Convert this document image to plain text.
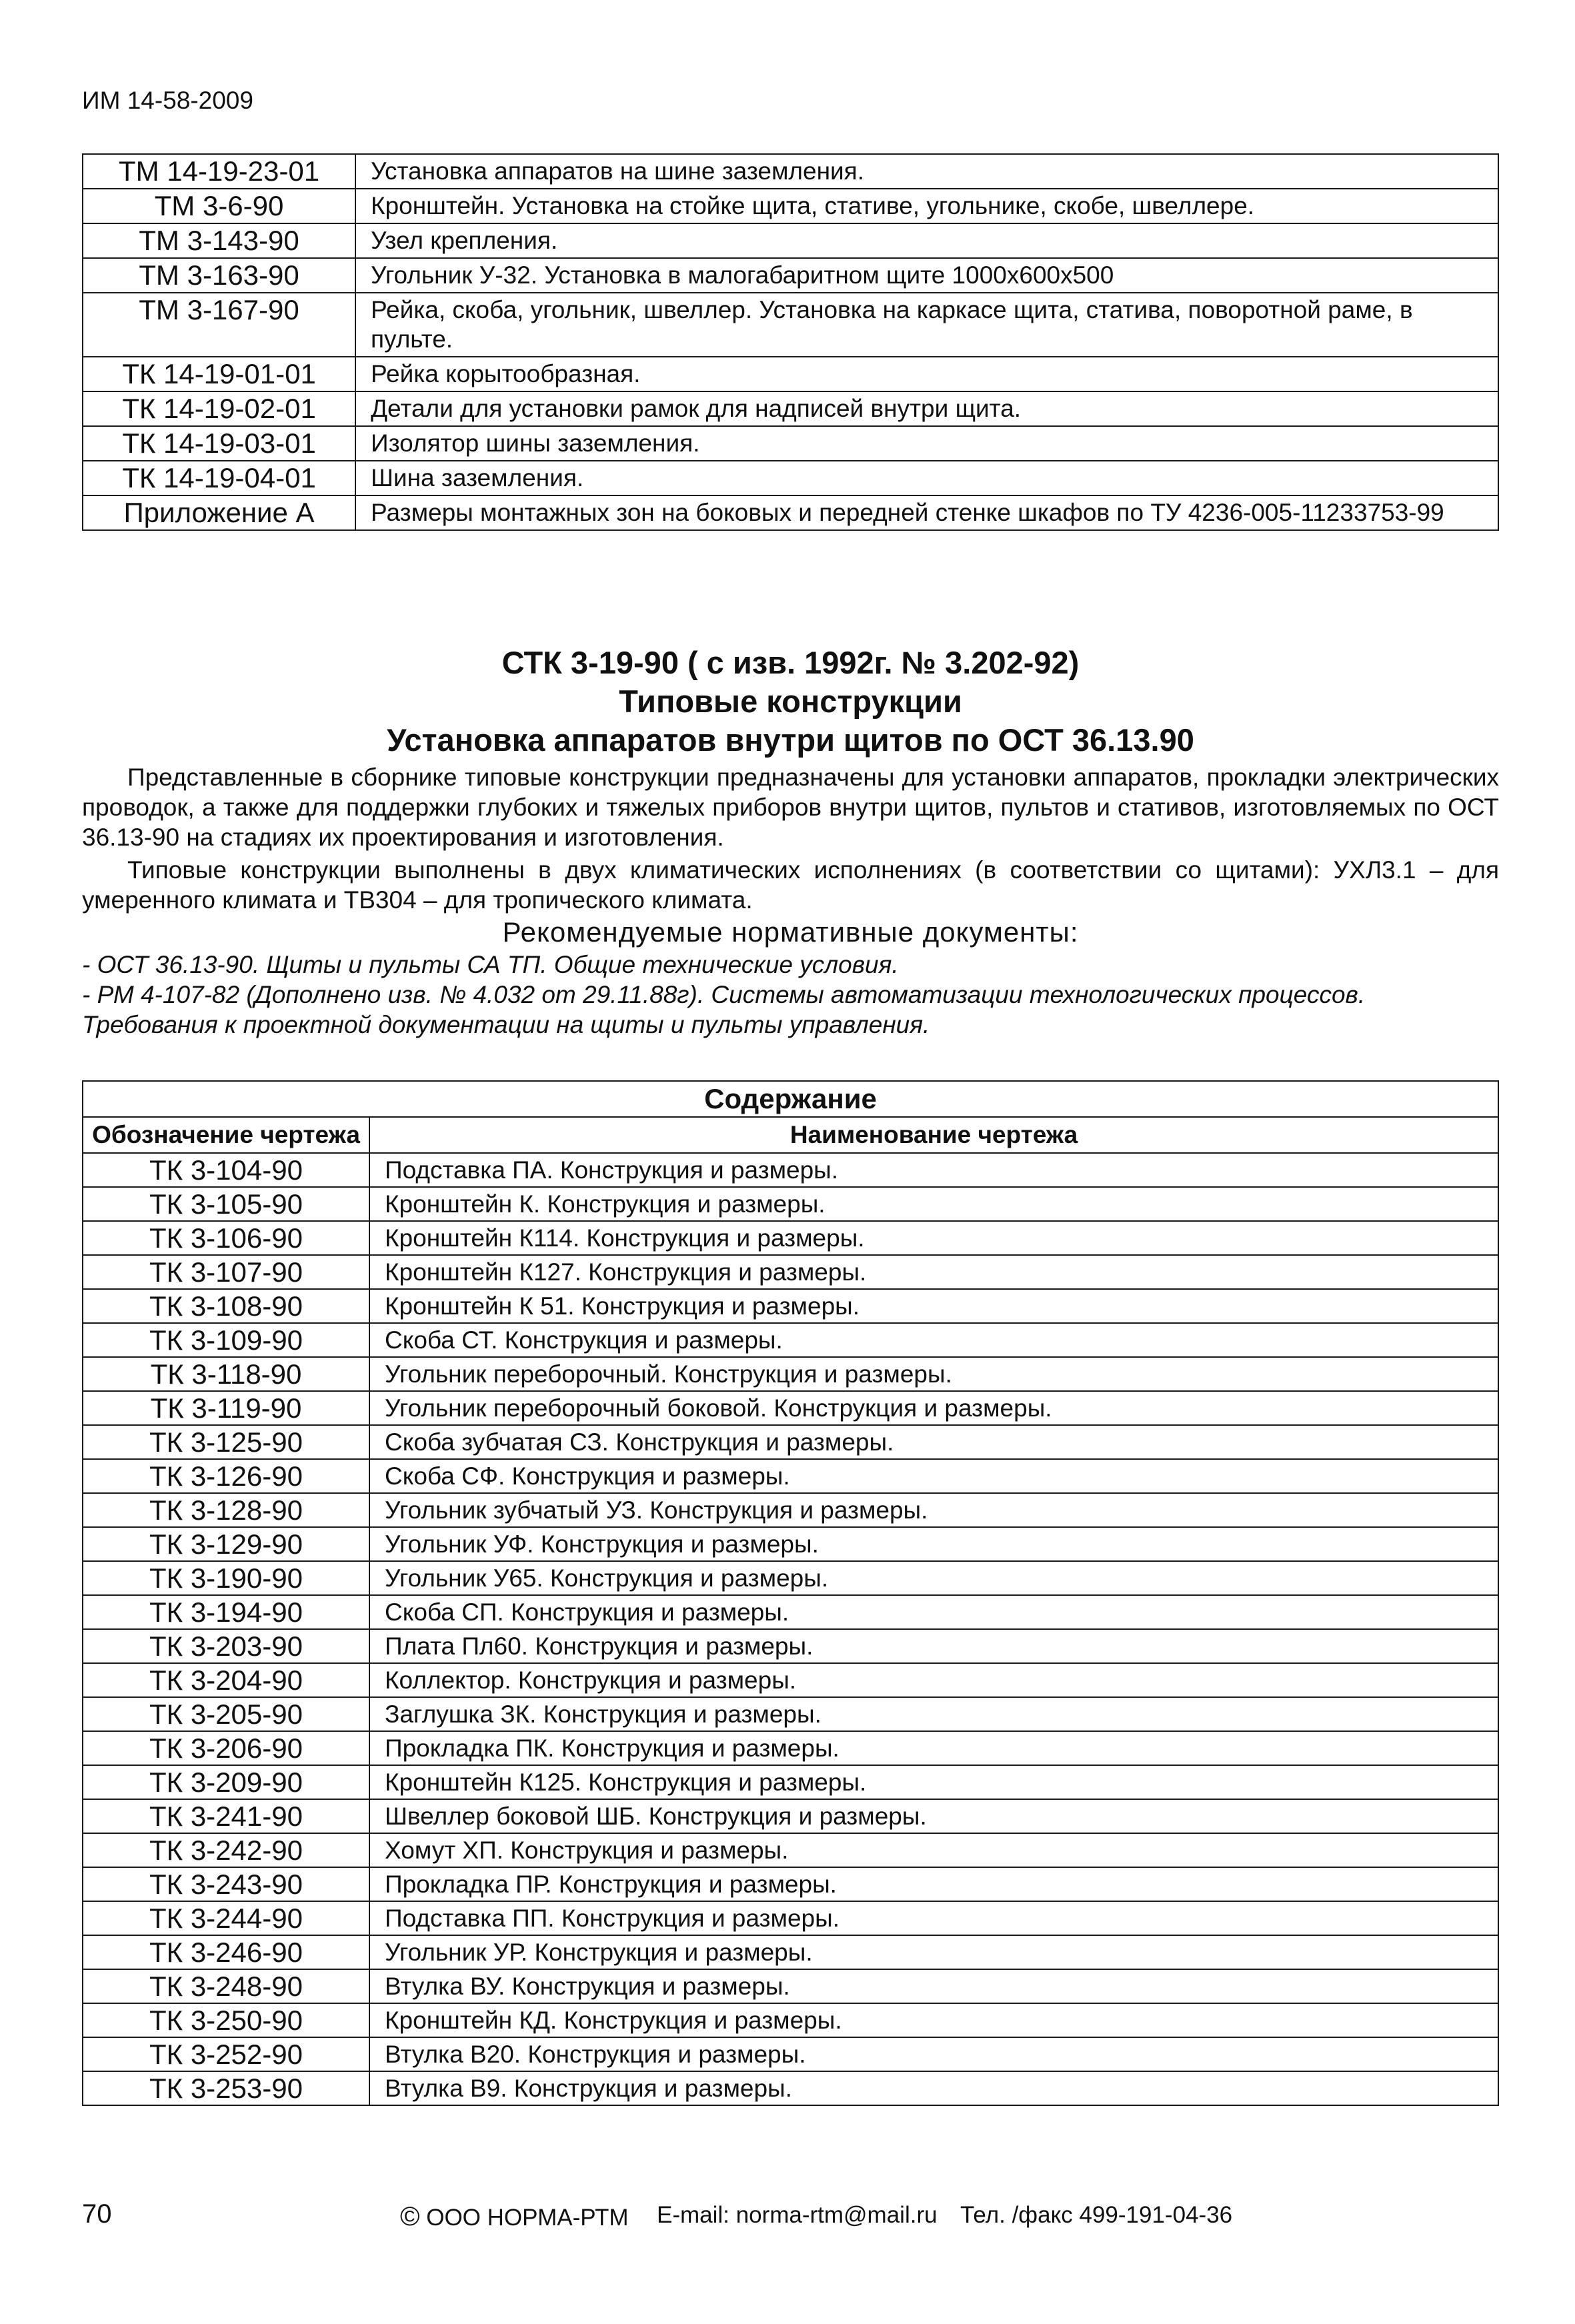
ИМ 14-58-2009
ТМ 14-19-23-01	Установка аппаратов на шине заземления.
ТМ 3-6-90	Кронштейн. Установка на стойке щита, стативе, угольнике, скобе, швеллере.
ТМ 3-143-90	Узел крепления.
ТМ 3-163-90	Угольник У-32. Установка в малогабаритном щите 1000х600х500
ТМ 3-167-90	Рейка, скоба, угольник, швеллер. Установка на каркасе щита, статива, поворотной раме, в пульте.
ТК 14-19-01-01	Рейка корытообразная.
ТК 14-19-02-01	Детали для установки рамок для надписей внутри щита.
ТК 14-19-03-01	Изолятор шины заземления.
ТК 14-19-04-01	Шина заземления.
Приложение А	Размеры монтажных зон на боковых и передней стенке шкафов по ТУ 4236-005-11233753-99
СТК 3-19-90 ( с изв. 1992г. № 3.202-92)
Типовые конструкции
Установка аппаратов внутри щитов по ОСТ 36.13.90

Представленные в сборнике типовые конструкции предназначены для установки аппаратов, прокладки электрических проводок, а также для поддержки глубоких и тяжелых приборов внутри щитов, пультов и стативов, изготовляемых по ОСТ 36.13-90 на стадиях их проектирования и изготовления.

Типовые конструкции выполнены в двух климатических исполнениях (в соответствии со щитами): УХЛ3.1 – для умеренного климата и ТВ304 – для тропического климата.

Рекомендуемые нормативные документы:

- ОСТ 36.13-90. Щиты и пульты СА ТП. Общие технические условия.

- РМ 4-107-82 (Дополнено изв. № 4.032 от 29.11.88г). Системы автоматизации технологических процессов. Требования к проектной документации на щиты и пульты управления.

Содержание	
Обозначение чертежа	Наименование чертежа
ТК 3-104-90	Подставка ПА. Конструкция и размеры.
ТК 3-105-90	Кронштейн К. Конструкция и размеры.
ТК 3-106-90	Кронштейн К114. Конструкция и размеры.
ТК 3-107-90	Кронштейн К127. Конструкция и размеры.
ТК 3-108-90	Кронштейн К 51. Конструкция и размеры.
ТК 3-109-90	Скоба СТ. Конструкция и размеры.
ТК 3-118-90	Угольник переборочный. Конструкция и размеры.
ТК 3-119-90	Угольник переборочный боковой. Конструкция и размеры.
ТК 3-125-90	Скоба зубчатая СЗ. Конструкция и размеры.
ТК 3-126-90	Скоба СФ. Конструкция и размеры.
ТК 3-128-90	Угольник зубчатый УЗ. Конструкция и размеры.
ТК 3-129-90	Угольник УФ. Конструкция и размеры.
ТК 3-190-90	Угольник У65. Конструкция и размеры.
ТК 3-194-90	Скоба СП. Конструкция и размеры.
ТК 3-203-90	Плата Пл60. Конструкция и размеры.
ТК 3-204-90	Коллектор. Конструкция и размеры.
ТК 3-205-90	Заглушка ЗК. Конструкция и размеры.
ТК 3-206-90	Прокладка ПК. Конструкция и размеры.
ТК 3-209-90	Кронштейн К125. Конструкция и размеры.
ТК 3-241-90	Швеллер боковой ШБ. Конструкция и размеры.
ТК 3-242-90	Хомут ХП. Конструкция и размеры.
ТК 3-243-90	Прокладка ПР. Конструкция и размеры.
ТК 3-244-90	Подставка ПП. Конструкция и размеры.
ТК 3-246-90	Угольник УР. Конструкция и размеры.
ТК 3-248-90	Втулка ВУ. Конструкция и размеры.
ТК 3-250-90	Кронштейн КД. Конструкция и размеры.
ТК 3-252-90	Втулка В20. Конструкция и размеры.
ТК 3-253-90	Втулка В9. Конструкция и размеры.
70	© ООО НОРМА-РТМ E-mail: norma-rtm@mail.ru Тел. /факс 499-191-04-36
